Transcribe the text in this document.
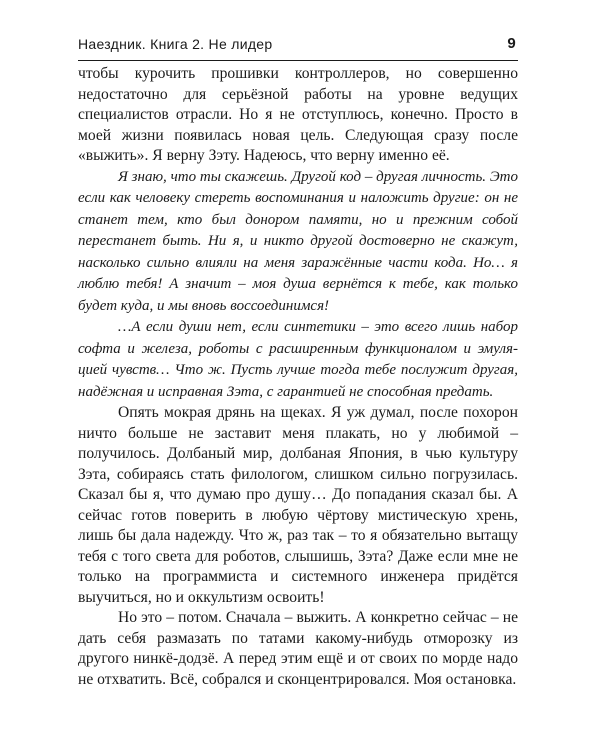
Наездник. Книга 2. Не лидер	9

чтобы курочить прошивки контроллеров, но совершенно недостаточно для серьёзной работы на уровне ведущих специалистов отрасли. Но я не отступлюсь, конечно. Просто в моей жизни появилась новая цель. Следующая сразу после «выжить». Я верну Зэту. Надеюсь, что верну именно её.

Я знаю, что ты скажешь. Другой код – другая личность. Это если как человеку стереть воспоминания и наложить другие: он не станет тем, кто был донором памяти, но и прежним собой перестанет быть. Ни я, и никто другой достоверно не скажут, насколько сильно влияли на меня заражённые части кода. Но… я люблю тебя! А значит – моя душа вернётся к тебе, как только будет куда, и мы вновь воссоединимся!

…А если души нет, если синтетики – это всего лишь набор софта и железа, роботы с расширенным функционалом и эмуляцией чувств… Что ж. Пусть лучше тогда тебе послужит другая, надёжная и исправная Зэта, с гарантией не способная предать.

Опять мокрая дрянь на щеках. Я уж думал, после похорон ничто больше не заставит меня плакать, но у любимой – получилось. Долбаный мир, долбаная Япония, в чью культуру Зэта, собираясь стать филологом, слишком сильно погрузилась. Сказал бы я, что думаю про душу… До попадания сказал бы. А сейчас готов поверить в любую чёртову мистическую хрень, лишь бы дала надежду. Что ж, раз так – то я обязательно вытащу тебя с того света для роботов, слышишь, Зэта? Даже если мне не только на программиста и системного инженера придётся выучиться, но и оккультизм освоить!

Но это – потом. Сначала – выжить. А конкретно сейчас – не дать себя размазать по татами какому-нибудь отморозку из другого нинкё-додзё. А перед этим ещё и от своих по морде надо не отхватить. Всё, собрался и сконцентрировался. Моя остановка.
